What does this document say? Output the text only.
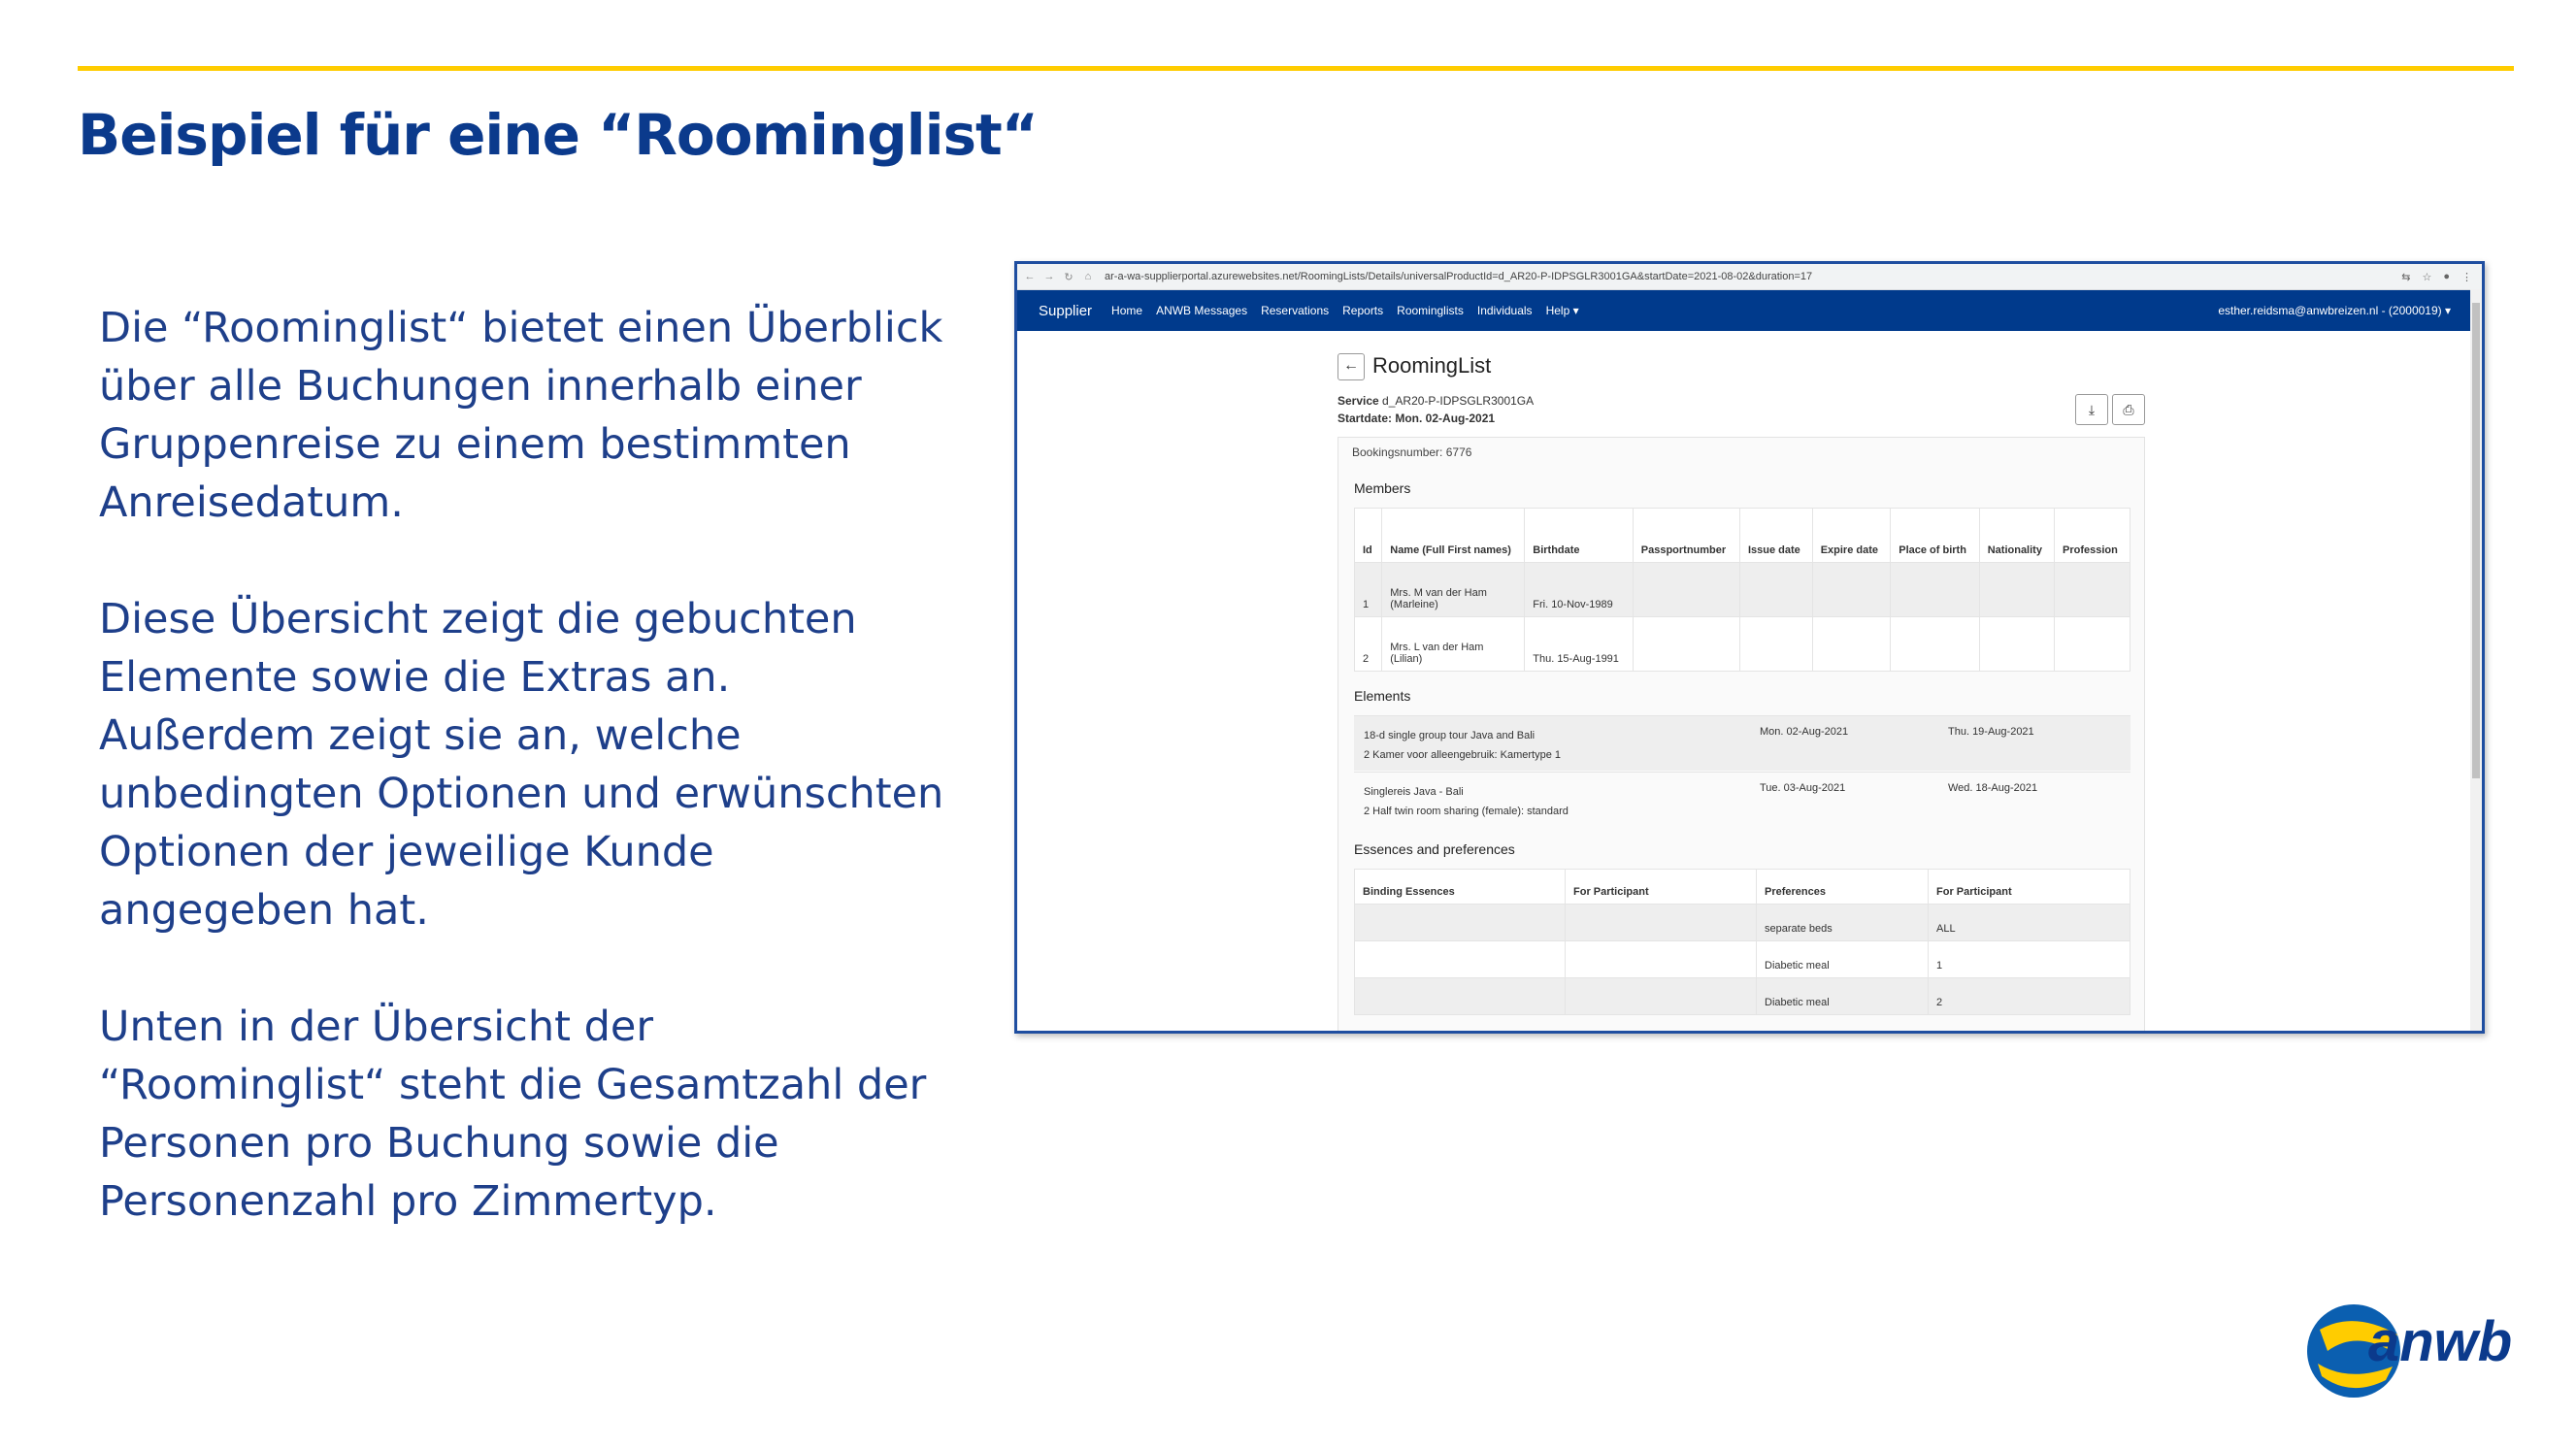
Beispiel für eine “Roominglist“

Die “Roominglist“ bietet einen Überblick über alle Buchungen innerhalb einer Gruppenreise zu einem bestimmten Anreisedatum.

Diese Übersicht zeigt die gebuchten Elemente sowie die Extras an. Außerdem zeigt sie an, welche unbedingten Optionen und erwünschten Optionen der jeweilige Kunde angegeben hat.

Unten in der Übersicht der “Roominglist“ steht die Gesamtzahl der Personen pro Buchung sowie die Personenzahl pro Zimmertyp.

← → ↻	⌂	ar-a-wa-supplierportal.azurewebsites.net/RoomingLists/Details/universalProductId=d_AR20-P-IDPSGLR3001GA&startDate=2021-08-02&duration=17	⇆ ☆ ● ⋮
Supplier Home ANWB Messages Reservations Reports Roominglists Individuals Help ▾	esther.reidsma@anwbreizen.nl - (2000019) ▾
← RoomingList
Service d_AR20-P-IDPSGLR3001GA
Startdate: Mon. 02-Aug-2021
⤓	⎙
Bookingsnumber: 6776
Members
Id	Name (Full First names)	Birthdate	Passportnumber	Issue date	Expire date	Place of birth	Nationality	Profession
1	Mrs. M van der Ham (Marleine)	Fri. 10-Nov-1989						
2	Mrs. L van der Ham (Lilian)	Thu. 15-Aug-1991						
Elements
18-d single group tour Java and Bali
2 Kamer voor alleengebruik: Kamertype 1
Mon. 02-Aug-2021	Thu. 19-Aug-2021
Singlereis Java - Bali
2 Half twin room sharing (female): standard
Tue. 03-Aug-2021	Wed. 18-Aug-2021
Essences and preferences
Binding Essences	For Participant	Preferences	For Participant
		separate beds	ALL
		Diabetic meal	1
		Diabetic meal	2
anwb
